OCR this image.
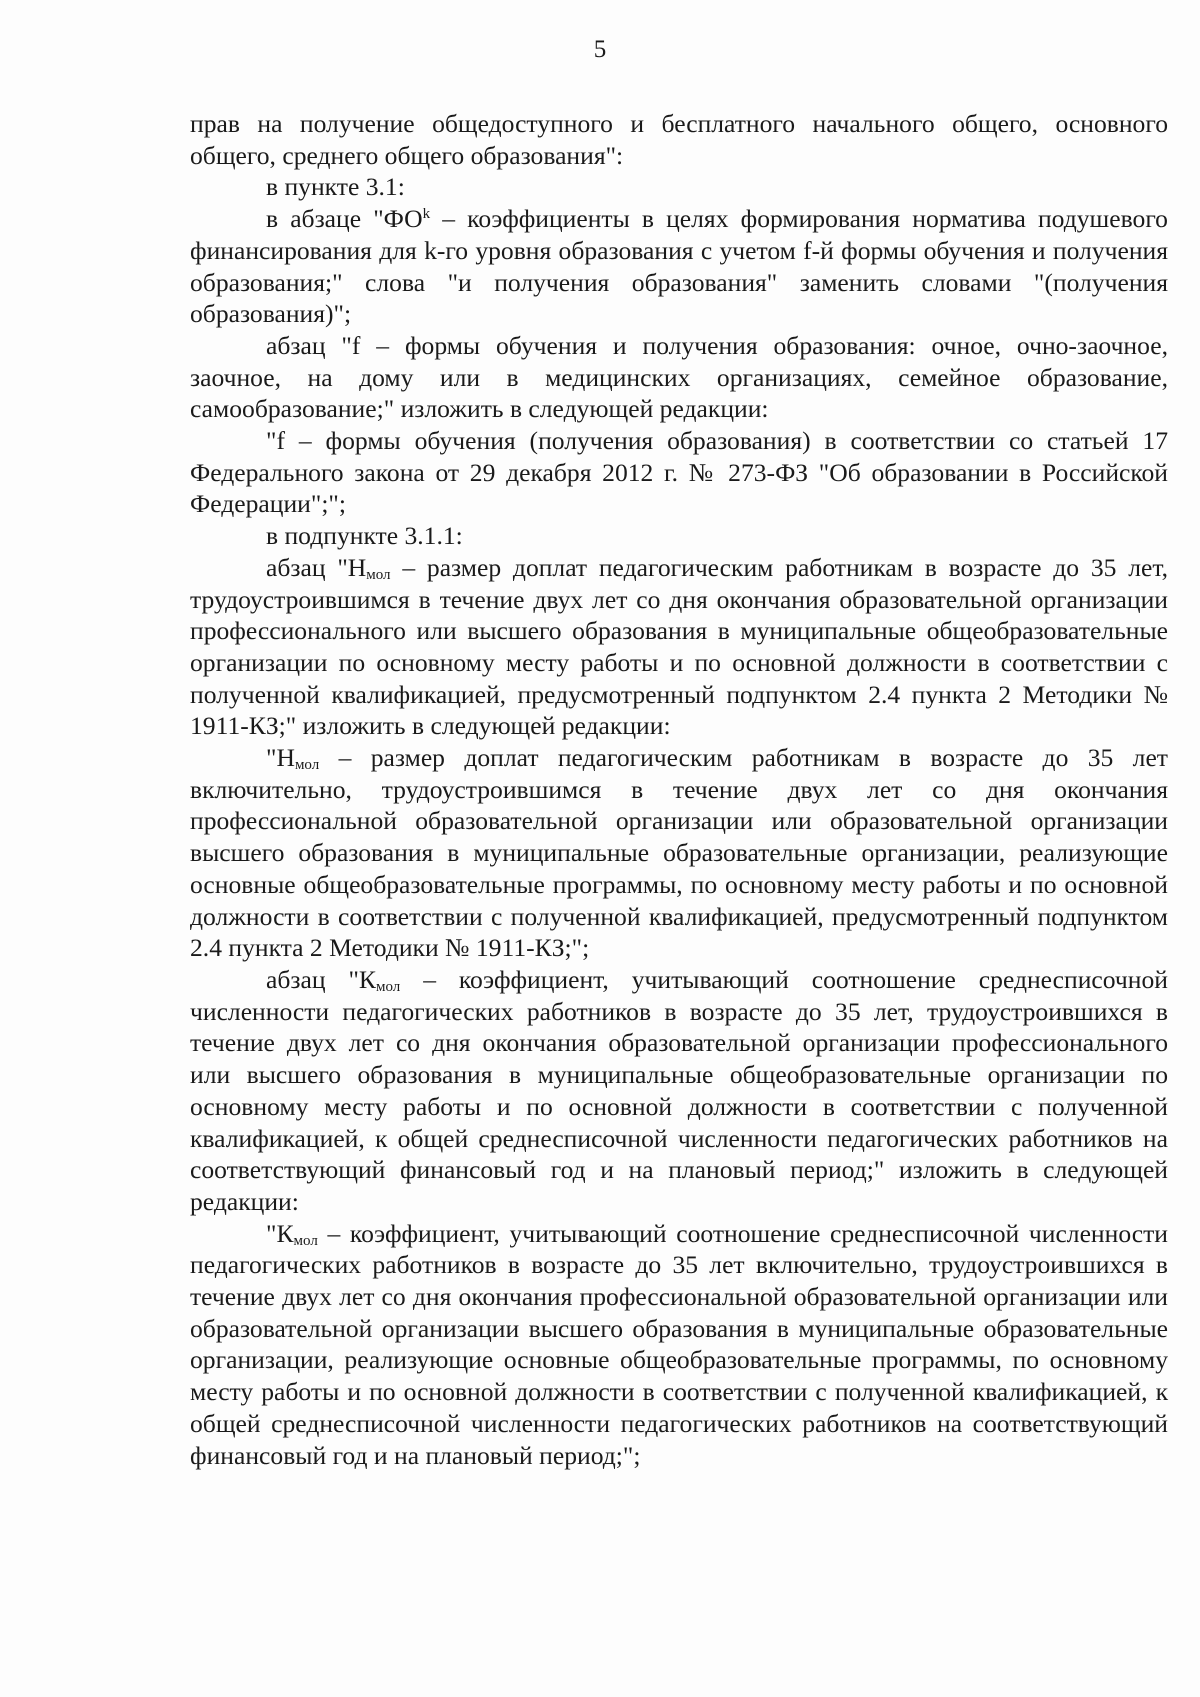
5

прав на получение общедоступного и бесплатного начального общего, основного общего, среднего общего образования":

в пункте 3.1:

в абзаце "$ФО^k$ – коэффициенты в целях формирования норматива подушевого финансирования для k-го уровня образования с учетом f-й формы обучения и получения образования;" слова "и получения образования" заменить словами "(получения образования)";

абзац "f – формы обучения и получения образования: очное, очно-заочное, заочное, на дому или в медицинских организациях, семейное образование, самообразование;" изложить в следующей редакции:

"f – формы обучения (получения образования) в соответствии со статьей 17 Федерального закона от 29 декабря 2012 г. № 273-ФЗ "Об образовании в Российской Федерации";";

в подпункте 3.1.1:

абзац "$Н_{мол}$ – размер доплат педагогическим работникам в возрасте до 35 лет, трудоустроившимся в течение двух лет со дня окончания образовательной организации профессионального или высшего образования в муниципальные общеобразовательные организации по основному месту работы и по основной должности в соответствии с полученной квалификацией, предусмотренный подпунктом 2.4 пункта 2 Методики № 1911-КЗ;" изложить в следующей редакции:

"$Н_{мол}$ – размер доплат педагогическим работникам в возрасте до 35 лет включительно, трудоустроившимся в течение двух лет со дня окончания профессиональной образовательной организации или образовательной организации высшего образования в муниципальные образовательные организации, реализующие основные общеобразовательные программы, по основному месту работы и по основной должности в соответствии с полученной квалификацией, предусмотренный подпунктом 2.4 пункта 2 Методики № 1911-КЗ;";

абзац "$К_{мол}$ – коэффициент, учитывающий соотношение среднесписочной численности педагогических работников в возрасте до 35 лет, трудоустроившихся в течение двух лет со дня окончания образовательной организации профессионального или высшего образования в муниципальные общеобразовательные организации по основному месту работы и по основной должности в соответствии с полученной квалификацией, к общей среднесписочной численности педагогических работников на соответствующий финансовый год и на плановый период;" изложить в следующей редакции:

"$К_{мол}$ – коэффициент, учитывающий соотношение среднесписочной численности педагогических работников в возрасте до 35 лет включительно, трудоустроившихся в течение двух лет со дня окончания профессиональной образовательной организации или образовательной организации высшего образования в муниципальные образовательные организации, реализующие основные общеобразовательные программы, по основному месту работы и по основной должности в соответствии с полученной квалификацией, к общей среднесписочной численности педагогических работников на соответствующий финансовый год и на плановый период;";
